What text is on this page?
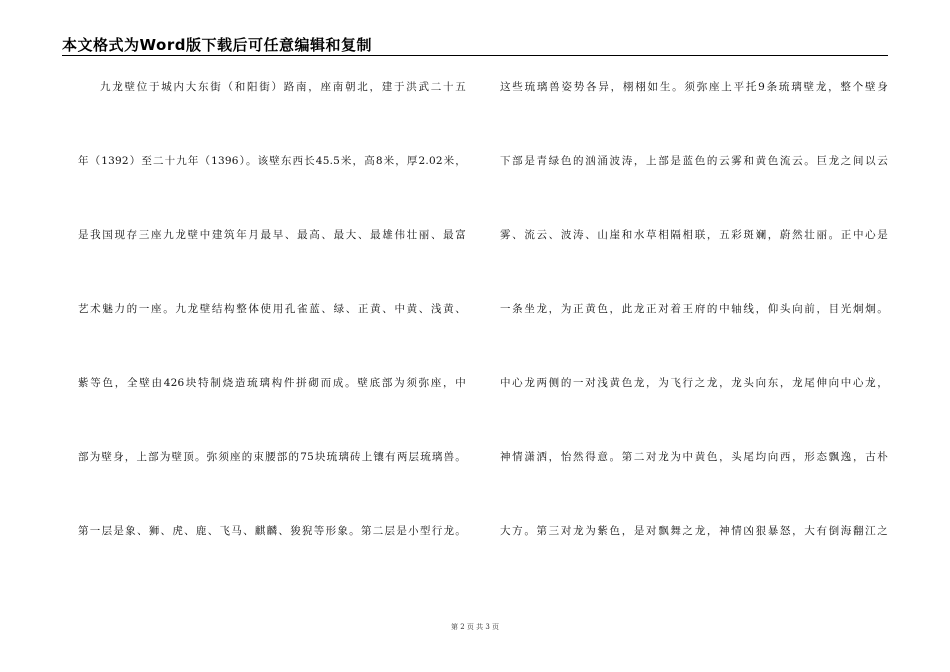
本文格式为Word版下载后可任意编辑和复制
九龙壁位于城内大东街（和阳街）路南，座南朝北，建于洪武二十五
年（1392）至二十九年（1396）。该壁东西长45.5米，高8米，厚2.02米，
是我国现存三座九龙壁中建筑年月最早、最高、最大、最雄伟壮丽、最富
艺术魅力的一座。九龙壁结构整体使用孔雀蓝、绿、正黄、中黄、浅黄、
紫等色，全壁由426块特制烧造琉璃构件拼砌而成。壁底部为须弥座，中
部为壁身，上部为壁顶。弥须座的束腰部的75块琉璃砖上镶有两层琉璃兽。
第一层是象、狮、虎、鹿、飞马、麒麟、狻猊等形象。第二层是小型行龙。
这些琉璃兽姿势各异，栩栩如生。须弥座上平托9条琉璃壁龙，整个壁身
下部是青绿色的汹涌波涛，上部是蓝色的云雾和黄色流云。巨龙之间以云
雾、流云、波涛、山崖和水草相隔相联，五彩斑斓，蔚然壮丽。正中心是
一条坐龙，为正黄色，此龙正对着王府的中轴线，仰头向前，目光炯炯。
中心龙两侧的一对浅黄色龙，为飞行之龙，龙头向东，龙尾伸向中心龙，
神情潇洒，怡然得意。第二对龙为中黄色，头尾均向西，形态飘逸，古朴
大方。第三对龙为紫色，是对飘舞之龙，神情凶狠暴怒，大有倒海翻江之
第 2 页 共 3 页
